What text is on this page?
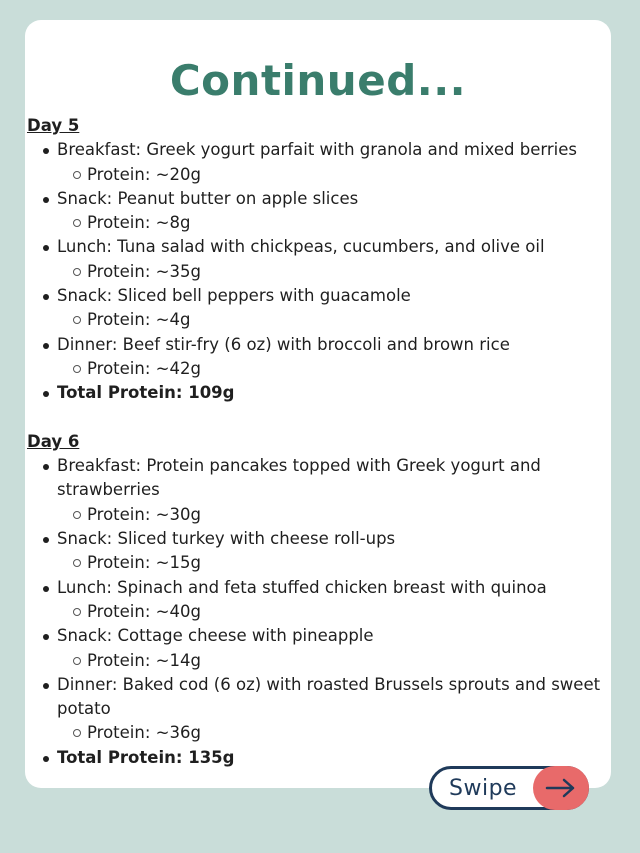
Continued...
Day 5
Breakfast: Greek yogurt parfait with granola and mixed berries
Protein: ~20g
Snack: Peanut butter on apple slices
Protein: ~8g
Lunch: Tuna salad with chickpeas, cucumbers, and olive oil
Protein: ~35g
Snack: Sliced bell peppers with guacamole
Protein: ~4g
Dinner: Beef stir-fry (6 oz) with broccoli and brown rice
Protein: ~42g
Total Protein: 109g
Day 6
Breakfast: Protein pancakes topped with Greek yogurt and strawberries
Protein: ~30g
Snack: Sliced turkey with cheese roll-ups
Protein: ~15g
Lunch: Spinach and feta stuffed chicken breast with quinoa
Protein: ~40g
Snack: Cottage cheese with pineapple
Protein: ~14g
Dinner: Baked cod (6 oz) with roasted Brussels sprouts and sweet potato
Protein: ~36g
Total Protein: 135g
Swipe
